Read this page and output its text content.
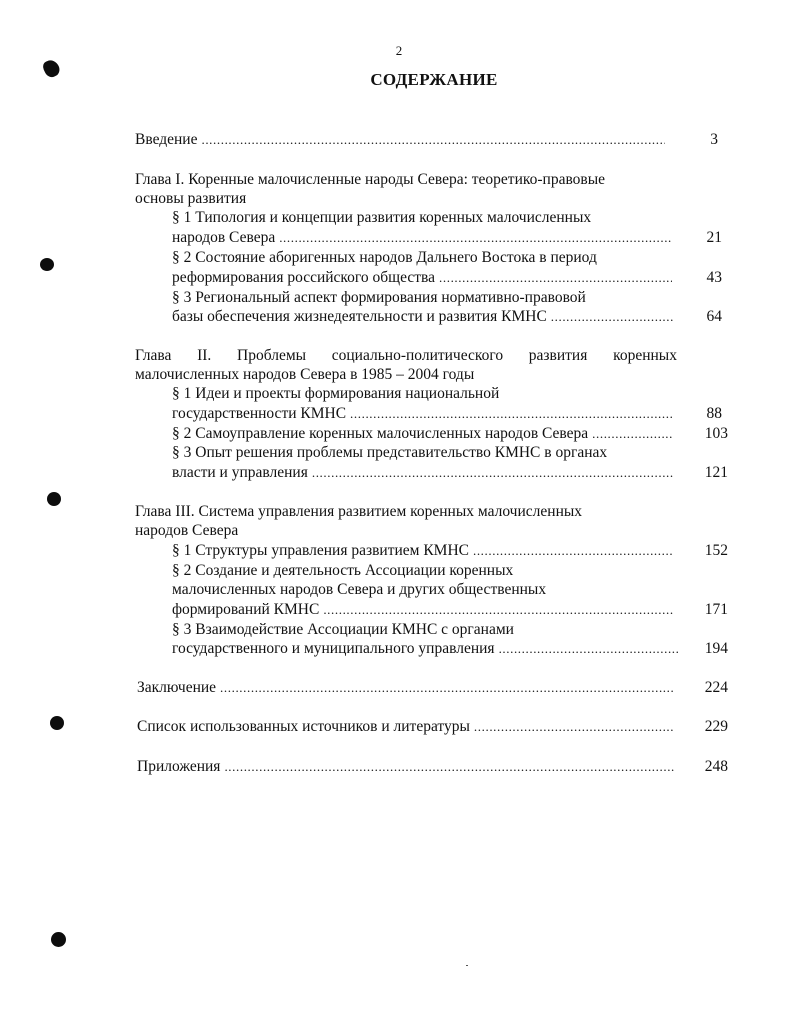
2
СОДЕРЖАНИЕ
Введение .....	3
Глава I. Коренные малочисленные народы Севера: теоретико-правовые
основы развития
§ 1 Типология и концепции развития коренных малочисленных
народов Севера .....	21
§ 2 Состояние аборигенных народов Дальнего Востока в период
реформирования российского общества .....	43
§ 3 Региональный аспект формирования нормативно-правовой
базы обеспечения жизнедеятельности и развития КМНС .....	64
Глава II. Проблемы социально-политического развития коренных
малочисленных народов Севера в 1985 – 2004 годы
§ 1 Идеи и проекты формирования национальной
государственности КМНС .....	88
§ 2 Самоуправление коренных малочисленных народов Севера .....	103
§ 3 Опыт решения проблемы представительство КМНС в органах
власти и управления .....	121
Глава III. Система управления развитием коренных малочисленных
народов Севера
§ 1 Структуры управления развитием КМНС .....	152
§ 2 Создание и деятельность Ассоциации коренных
малочисленных народов Севера и других общественных
формирований КМНС .....	171
§ 3 Взаимодействие Ассоциации КМНС с органами
государственного и муниципального управления .....	194
Заключение .....	224
Список использованных источников и литературы .....	229
Приложения .....	248
